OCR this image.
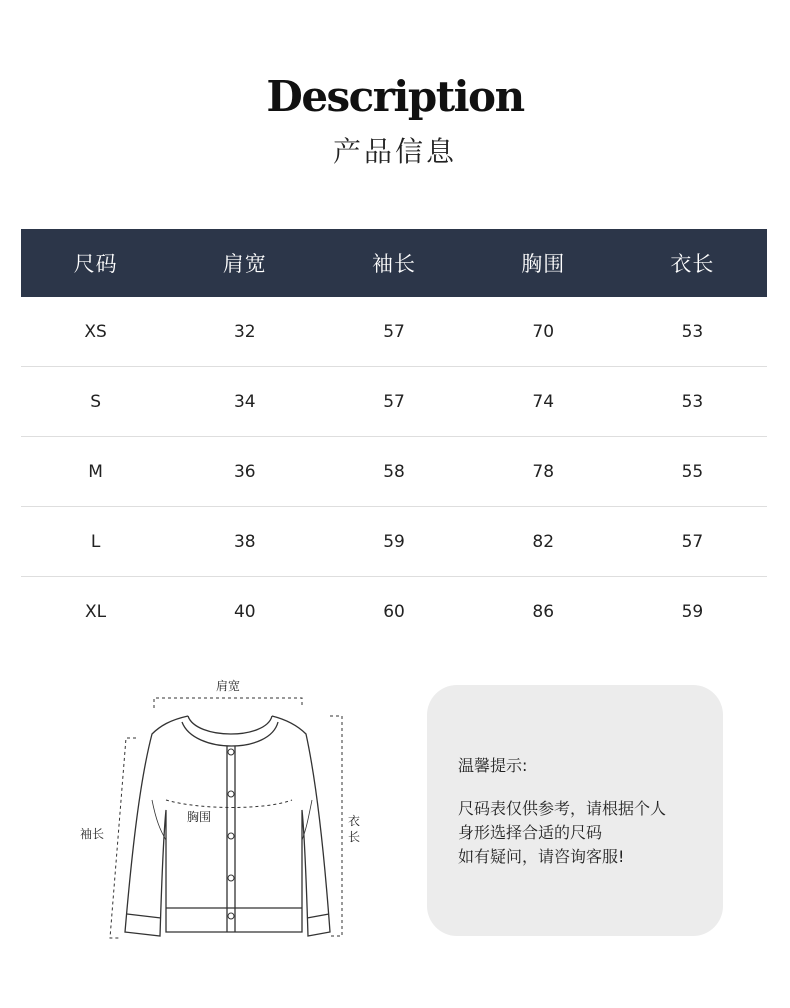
Description
产品信息
尺码	肩宽	袖长	胸围	衣长
XS	32	57	70	53
S	34	57	74	53
M	36	58	78	55
L	38	59	82	57
XL	40	60	86	59
肩宽
胸围
袖长
衣
长
温馨提示:
尺码表仅供参考，请根据个人
身形选择合适的尺码
如有疑问，请咨询客服!
